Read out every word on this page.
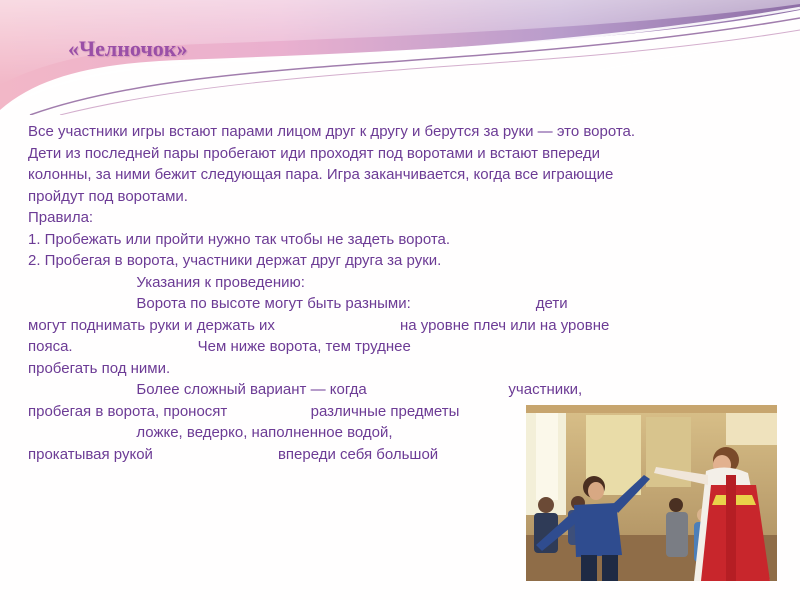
«Челночок»
Все участники игры встают парами лицом друг к другу и берутся за руки — это ворота.
Дети из последней пары пробегают иди проходят под воротами и встают впереди
колонны, за ними бежит следующая пара. Игра заканчивается, когда все играющие
пройдут под воротами.
Правила:
1. Пробежать или пройти нужно так чтобы не задеть ворота.
2. Пробегая в ворота, участники держат друг друга за руки.
Указания к проведению:
Ворота по высоте могут быть разными:                              дети
могут поднимать руки и держать их                              на уровне плеч или на уровне
пояса.                              Чем ниже ворота, тем труднее
пробегать под ними.
Более сложный вариант — когда                                  участники,
пробегая в ворота, проносят                    различные предметы
ложке, ведерко, наполненное водой,
прокатывая рукой                              впереди себя большой
